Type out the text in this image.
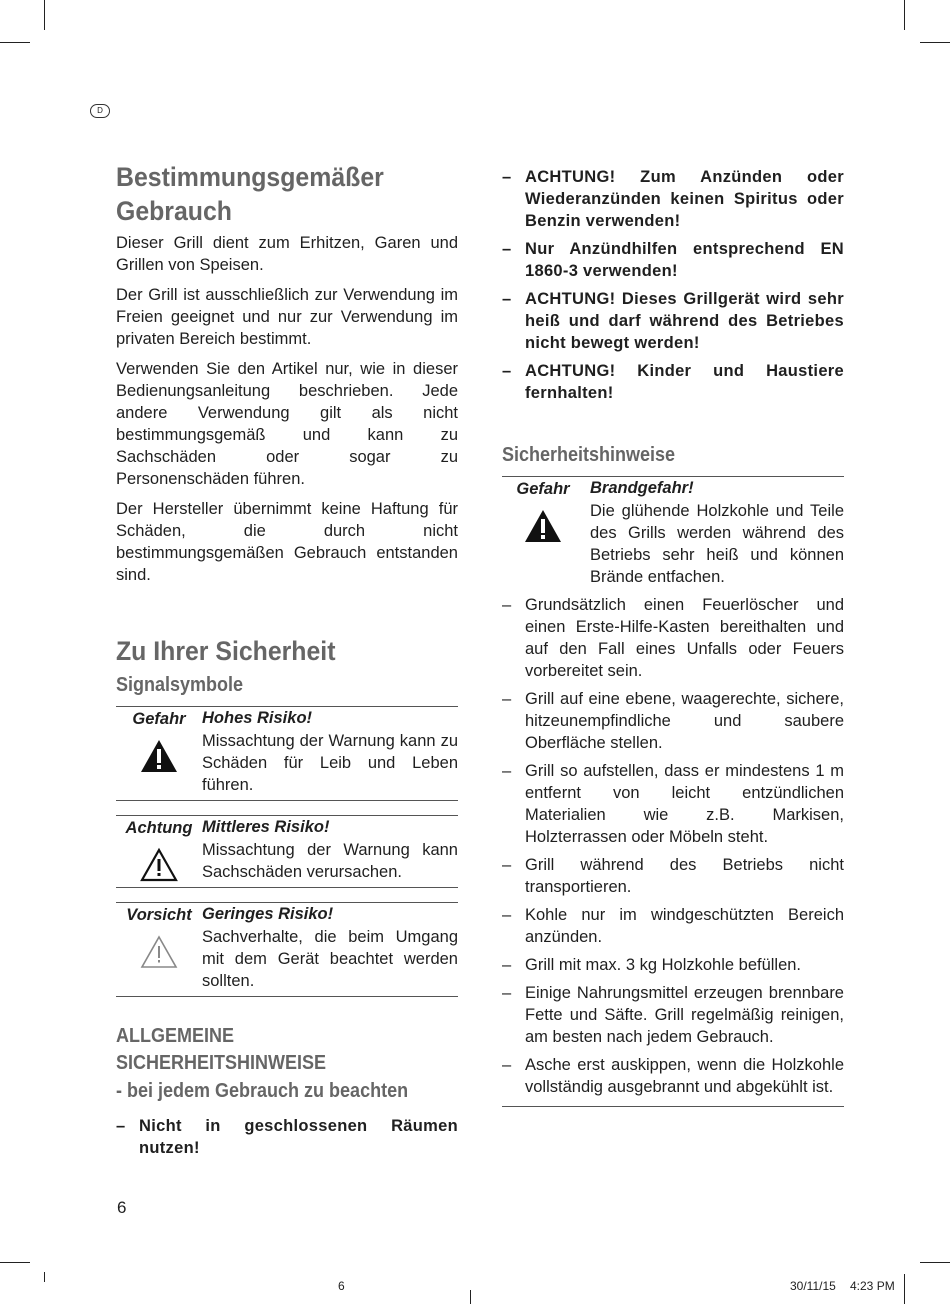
D
Bestimmungsgemäßer Gebrauch

Dieser Grill dient zum Erhitzen, Garen und Grillen von Speisen.

Der Grill ist ausschließlich zur Verwendung im Freien geeignet und nur zur Verwendung im privaten Bereich bestimmt.

Verwenden Sie den Artikel nur, wie in dieser Bedienungsanleitung beschrieben. Jede andere Verwendung gilt als nicht bestimmungsgemäß und kann zu Sachschäden oder sogar zu Personenschäden führen.

Der Hersteller übernimmt keine Haftung für Schäden, die durch nicht bestimmungsgemäßen Gebrauch entstanden sind.

Zu Ihrer Sicherheit
Signalsymbole
Gefahr Hohes Risiko!
Missachtung der Warnung kann zu Schäden für Leib und Leben führen.
Achtung Mittleres Risiko!
Missachtung der Warnung kann Sachschäden verursachen.
Vorsicht Geringes Risiko!
Sachverhalte, die beim Umgang mit dem Gerät beachtet werden sollten.
ALLGEMEINE
SICHERHEITSHINWEISE
- bei jedem Gebrauch zu beachten
– Nicht in geschlossenen Räumen nutzen!
– ACHTUNG! Zum Anzünden oder Wiederanzünden keinen Spiritus oder Benzin verwenden!
– Nur Anzündhilfen entsprechend EN 1860-3 verwenden!
– ACHTUNG! Dieses Grillgerät wird sehr heiß und darf während des Betriebes nicht bewegt werden!
– ACHTUNG! Kinder und Haustiere fernhalten!
Sicherheitshinweise
Gefahr	Brandgefahr!
Die glühende Holzkohle und Teile des Grills werden während des Betriebs sehr heiß und können Brände entfachen.
– Grundsätzlich einen Feuerlöscher und einen Erste-Hilfe-Kasten bereithalten und auf den Fall eines Unfalls oder Feuers vorbereitet sein.
– Grill auf eine ebene, waagerechte, sichere, hitzeunempfindliche und saubere Oberfläche stellen.
– Grill so aufstellen, dass er mindestens 1 m entfernt von leicht entzündlichen Materialien wie z.B. Markisen, Holzterrassen oder Möbeln steht.
– Grill während des Betriebs nicht transportieren.
– Kohle nur im windgeschützten Bereich anzünden.
– Grill mit max. 3 kg Holzkohle befüllen.
– Einige Nahrungsmittel erzeugen brennbare Fette und Säfte. Grill regelmäßig reinigen, am besten nach jedem Gebrauch.
– Asche erst auskippen, wenn die Holzkohle vollständig ausgebrannt und abgekühlt ist.
6
6	30/11/15 4:23 PM
